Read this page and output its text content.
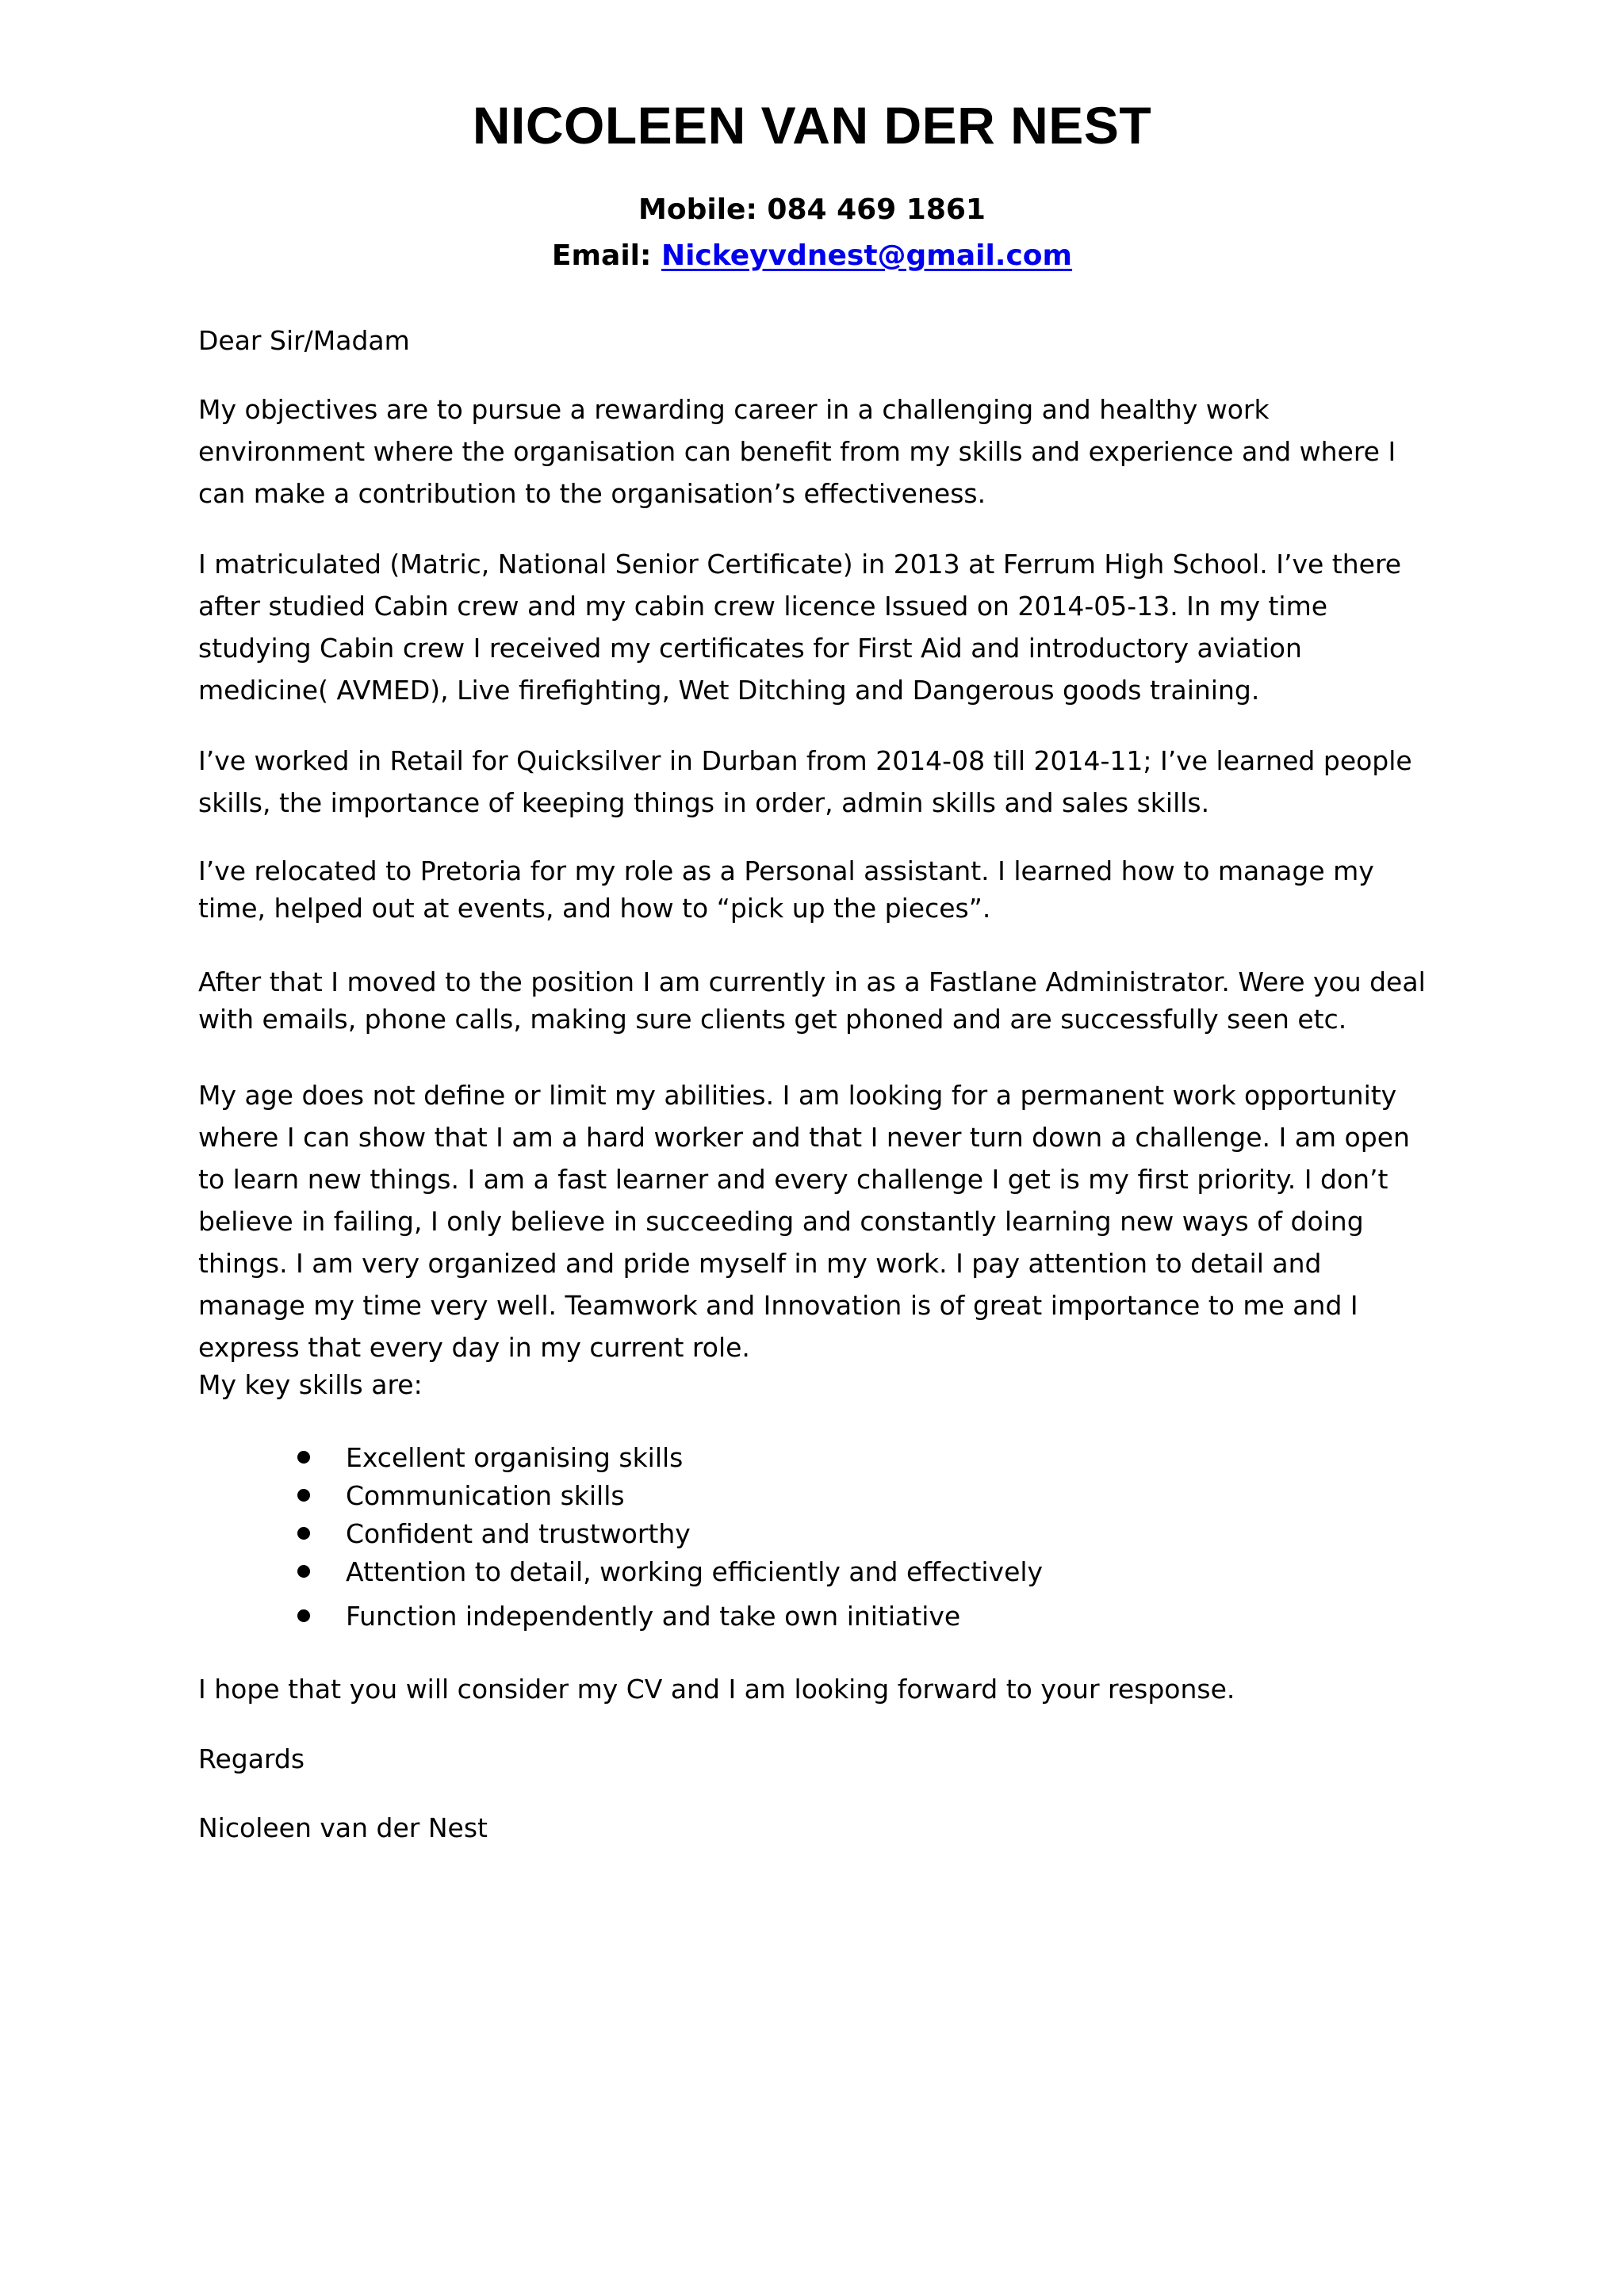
NICOLEEN VAN DER NEST
Mobile: 084 469 1861
Email: Nickeyvdnest@gmail.com

Dear Sir/Madam

My objectives are to pursue a rewarding career in a challenging and healthy work environment where the organisation can benefit from my skills and experience and where I can make a contribution to the organisation’s effectiveness.

I matriculated (Matric, National Senior Certificate) in 2013 at Ferrum High School. I’ve there after studied Cabin crew and my cabin crew licence Issued on 2014-05-13. In my time studying Cabin crew I received my certificates for First Aid and introductory aviation medicine( AVMED), Live firefighting, Wet Ditching and Dangerous goods training.

I’ve worked in Retail for Quicksilver in Durban from 2014-08 till 2014-11; I’ve learned people skills, the importance of keeping things in order, admin skills and sales skills.

I’ve relocated to Pretoria for my role as a Personal assistant. I learned how to manage my time, helped out at events, and how to “pick up the pieces”.

After that I moved to the position I am currently in as a Fastlane Administrator. Were you deal with emails, phone calls, making sure clients get phoned and are successfully seen etc.

My age does not define or limit my abilities. I am looking for a permanent work opportunity where I can show that I am a hard worker and that I never turn down a challenge. I am open to learn new things. I am a fast learner and every challenge I get is my first priority. I don’t believe in failing, I only believe in succeeding and constantly learning new ways of doing things. I am very organized and pride myself in my work. I pay attention to detail and manage my time very well. Teamwork and Innovation is of great importance to me and I express that every day in my current role.

My key skills are:

Excellent organising skills
Communication skills
Confident and trustworthy
Attention to detail, working efficiently and effectively
Function independently and take own initiative

I hope that you will consider my CV and I am looking forward to your response.

Regards

Nicoleen van der Nest
